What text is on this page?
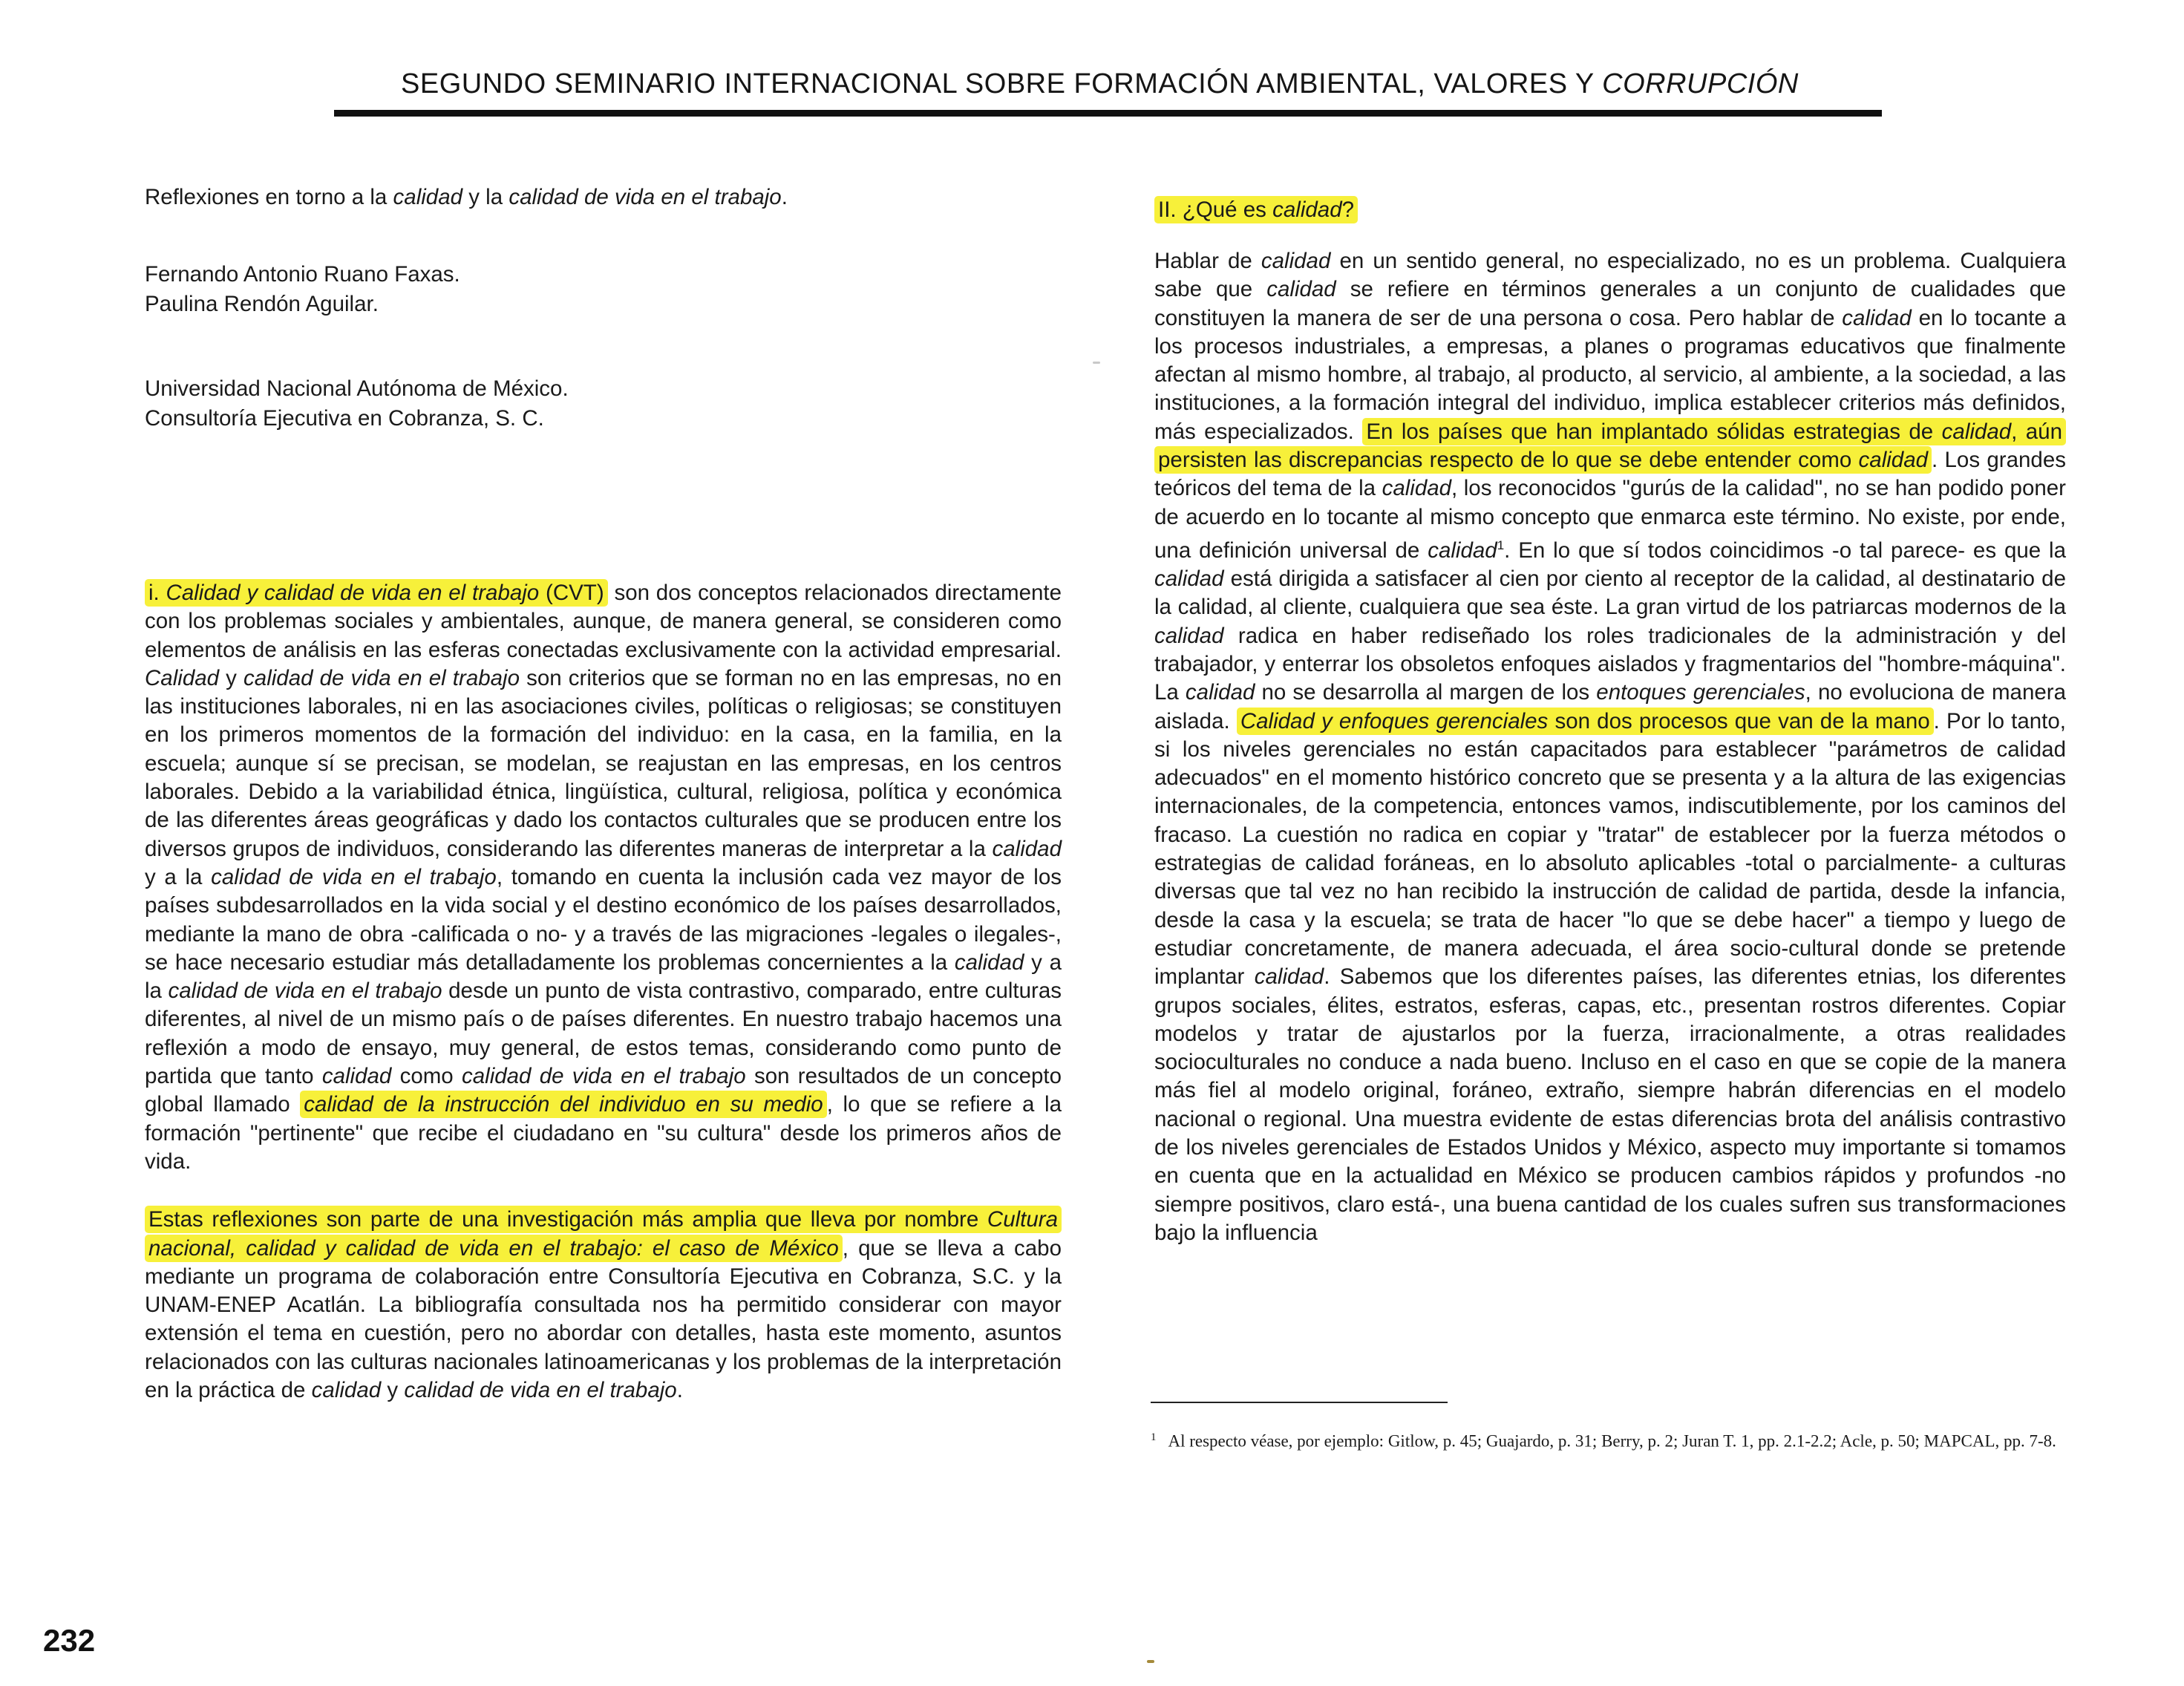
SEGUNDO SEMINARIO INTERNACIONAL SOBRE FORMACIÓN AMBIENTAL, VALORES Y CORRUPCIÓN

Reflexiones en torno a la calidad y la calidad de vida en el trabajo.

Fernando Antonio Ruano Faxas.

Paulina Rendón Aguilar.

Universidad Nacional Autónoma de México.

Consultoría Ejecutiva en Cobranza, S. C.

i. Calidad y calidad de vida en el trabajo (CVT) son dos conceptos relacionados directamente con los problemas sociales y ambientales, aunque, de manera general, se consideren como elementos de análisis en las esferas conectadas exclusivamente con la actividad empresarial. Calidad y calidad de vida en el trabajo son criterios que se forman no en las empresas, no en las instituciones laborales, ni en las asociaciones civiles, políticas o religiosas; se constituyen en los primeros momentos de la formación del individuo: en la casa, en la familia, en la escuela; aunque sí se precisan, se modelan, se reajustan en las empresas, en los centros laborales. Debido a la variabilidad étnica, lingüística, cultural, religiosa, política y económica de las diferentes áreas geográficas y dado los contactos culturales que se producen entre los diversos grupos de individuos, considerando las diferentes maneras de interpretar a la calidad y a la calidad de vida en el trabajo, tomando en cuenta la inclusión cada vez mayor de los países subdesarrollados en la vida social y el destino económico de los países desarrollados, mediante la mano de obra -calificada o no- y a través de las migraciones -legales o ilegales-, se hace necesario estudiar más detalladamente los problemas concernientes a la calidad y a la calidad de vida en el trabajo desde un punto de vista contrastivo, comparado, entre culturas diferentes, al nivel de un mismo país o de países diferentes. En nuestro trabajo hacemos una reflexión a modo de ensayo, muy general, de estos temas, considerando como punto de partida que tanto calidad como calidad de vida en el trabajo son resultados de un concepto global llamado calidad de la instrucción del individuo en su medio , lo que se refiere a la formación "pertinente" que recibe el ciudadano en "su cultura" desde los primeros años de vida.

Estas reflexiones son parte de una investigación más amplia que lleva por nombre Cultura nacional, calidad y calidad de vida en el trabajo: el caso de México , que se lleva a cabo mediante un programa de colaboración entre Consultoría Ejecutiva en Cobranza, S.C. y la UNAM-ENEP Acatlán. La bibliografía consultada nos ha permitido considerar con mayor extensión el tema en cuestión, pero no abordar con detalles, hasta este momento, asuntos relacionados con las culturas nacionales latinoamericanas y los problemas de la interpretación en la práctica de calidad y calidad de vida en el trabajo.

II. ¿Qué es calidad?

Hablar de calidad en un sentido general, no especializado, no es un problema. Cualquiera sabe que calidad se refiere en términos generales a un conjunto de cualidades que constituyen la manera de ser de una persona o cosa. Pero hablar de calidad en lo tocante a los procesos industriales, a empresas, a planes o programas educativos que finalmente afectan al mismo hombre, al trabajo, al producto, al servicio, al ambiente, a la sociedad, a las instituciones, a la formación integral del individuo, implica establecer criterios más definidos, más especializados. En los países que han implantado sólidas estrategias de calidad, aún persisten las discrepancias respecto de lo que se debe entender como calidad . Los grandes teóricos del tema de la calidad, los reconocidos "gurús de la calidad", no se han podido poner de acuerdo en lo tocante al mismo concepto que enmarca este término. No existe, por ende, una definición universal de calidad$^1$. En lo que sí todos coincidimos -o tal parece- es que la calidad está dirigida a satisfacer al cien por ciento al receptor de la calidad, al destinatario de la calidad, al cliente, cualquiera que sea éste. La gran virtud de los patriarcas modernos de la calidad radica en haber rediseñado los roles tradicionales de la administración y del trabajador, y enterrar los obsoletos enfoques aislados y fragmentarios del "hombre-máquina". La calidad no se desarrolla al margen de los entoques gerenciales, no evoluciona de manera aislada. Calidad y enfoques gerenciales son dos procesos que van de la mano . Por lo tanto, si los niveles gerenciales no están capacitados para establecer "parámetros de calidad adecuados" en el momento histórico concreto que se presenta y a la altura de las exigencias internacionales, de la competencia, entonces vamos, indiscutiblemente, por los caminos del fracaso. La cuestión no radica en copiar y "tratar" de establecer por la fuerza métodos o estrategias de calidad foráneas, en lo absoluto aplicables -total o parcialmente- a culturas diversas que tal vez no han recibido la instrucción de calidad de partida, desde la infancia, desde la casa y la escuela; se trata de hacer "lo que se debe hacer" a tiempo y luego de estudiar concretamente, de manera adecuada, el área socio-cultural donde se pretende implantar calidad. Sabemos que los diferentes países, las diferentes etnias, los diferentes grupos sociales, élites, estratos, esferas, capas, etc., presentan rostros diferentes. Copiar modelos y tratar de ajustarlos por la fuerza, irracionalmente, a otras realidades socioculturales no conduce a nada bueno. Incluso en el caso en que se copie de la manera más fiel al modelo original, foráneo, extraño, siempre habrán diferencias en el modelo nacional o regional. Una muestra evidente de estas diferencias brota del análisis contrastivo de los niveles gerenciales de Estados Unidos y México, aspecto muy importante si tomamos en cuenta que en la actualidad en México se producen cambios rápidos y profundos -no siempre positivos, claro está-, una buena cantidad de los cuales sufren sus transformaciones bajo la influencia

$^1$ Al respecto véase, por ejemplo: Gitlow, p. 45; Guajardo, p. 31; Berry, p. 2; Juran T. 1, pp. 2.1-2.2; Acle, p. 50; MAPCAL, pp. 7-8.

232
